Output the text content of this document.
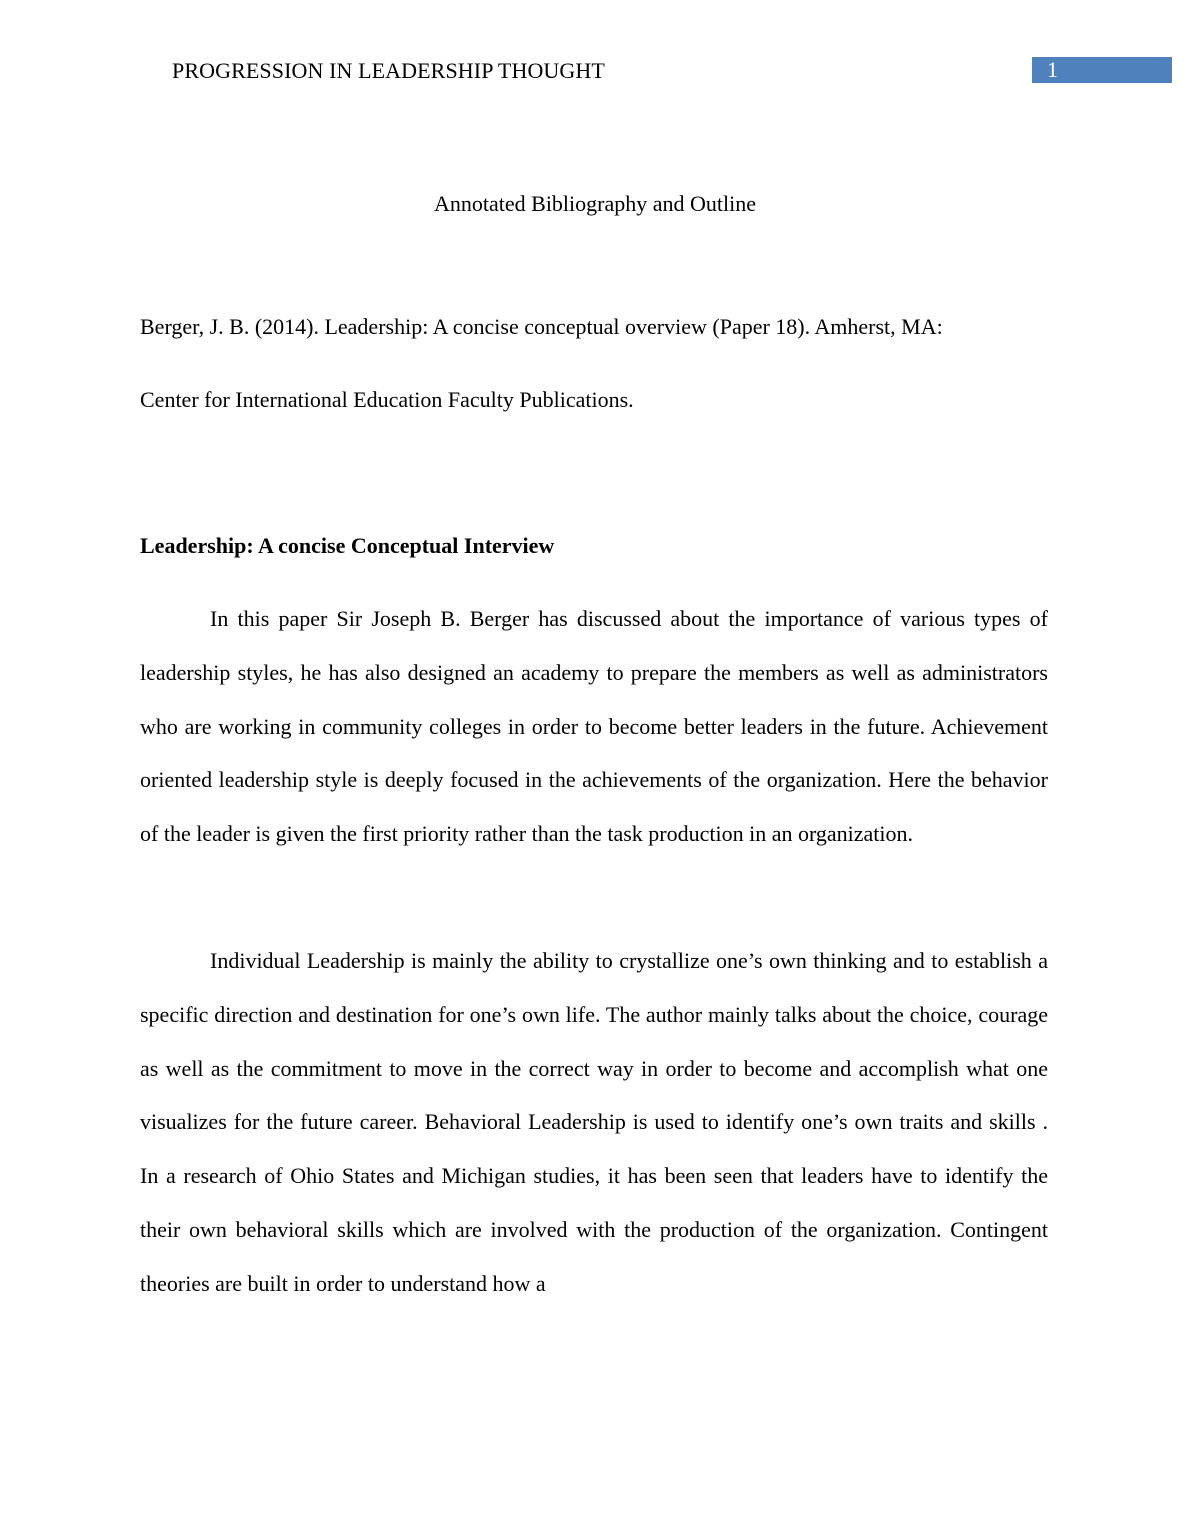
PROGRESSION IN LEADERSHIP THOUGHT	1
Annotated Bibliography and Outline
Berger, J. B. (2014). Leadership: A concise conceptual overview (Paper 18). Amherst, MA:
Center for International Education Faculty Publications.
Leadership: A concise Conceptual Interview

In this paper Sir Joseph B. Berger has discussed about the importance of various types of leadership styles, he has also designed an academy to prepare the members as well as administrators who are working in community colleges in order to become better leaders in the future. Achievement oriented leadership style is deeply focused in the achievements of the organization. Here the behavior of the leader is given the first priority rather than the task production in an organization.

Individual Leadership is mainly the ability to crystallize one’s own thinking and to establish a specific direction and destination for one’s own life. The author mainly talks about the choice, courage as well as the commitment to move in the correct way in order to become and accomplish what one visualizes for the future career. Behavioral Leadership is used to identify one’s own traits and skills . In a research of Ohio States and Michigan studies, it has been seen that leaders have to identify the their own behavioral skills which are involved with the production of the organization. Contingent theories are built in order to understand how a
